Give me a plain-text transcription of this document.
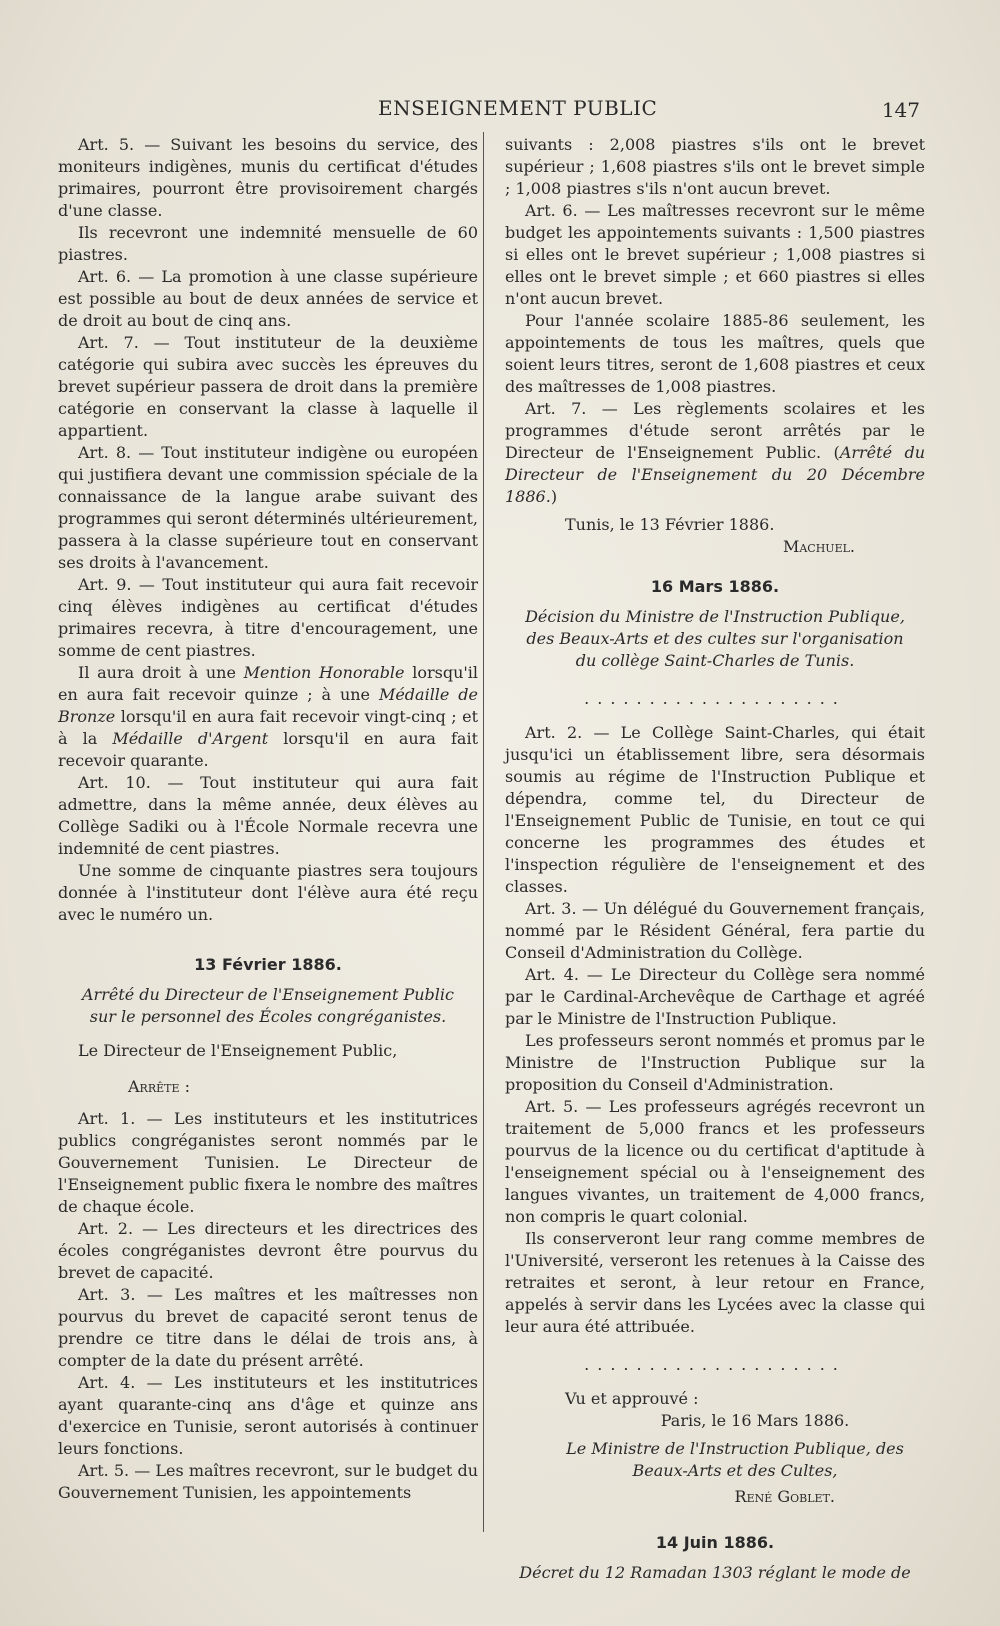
ENSEIGNEMENT PUBLIC	147

Art. 5. — Suivant les besoins du service, des moniteurs indigènes, munis du certificat d'études primaires, pourront être provisoirement chargés d'une classe.

Ils recevront une indemnité mensuelle de 60 piastres.

Art. 6. — La promotion à une classe supérieure est possible au bout de deux années de service et de droit au bout de cinq ans.

Art. 7. — Tout instituteur de la deuxième catégorie qui subira avec succès les épreuves du brevet supérieur passera de droit dans la première catégorie en conservant la classe à laquelle il appartient.

Art. 8. — Tout instituteur indigène ou européen qui justifiera devant une commission spéciale de la connaissance de la langue arabe suivant des programmes qui seront déterminés ultérieurement, passera à la classe supérieure tout en conservant ses droits à l'avancement.

Art. 9. — Tout instituteur qui aura fait recevoir cinq élèves indigènes au certificat d'études primaires recevra, à titre d'encouragement, une somme de cent piastres.

Il aura droit à une Mention Honorable lorsqu'il en aura fait recevoir quinze ; à une Médaille de Bronze lorsqu'il en aura fait recevoir vingt-cinq ; et à la Médaille d'Argent lorsqu'il en aura fait recevoir quarante.

Art. 10. — Tout instituteur qui aura fait admettre, dans la même année, deux élèves au Collège Sadiki ou à l'École Normale recevra une indemnité de cent piastres.

Une somme de cinquante piastres sera toujours donnée à l'instituteur dont l'élève aura été reçu avec le numéro un.

13 Février 1886.
Arrêté du Directeur de l'Enseignement Public sur le personnel des Écoles congréganistes.

Le Directeur de l'Enseignement Public,

Arrête :

Art. 1. — Les instituteurs et les institutrices publics congréganistes seront nommés par le Gouvernement Tunisien. Le Directeur de l'Enseignement public fixera le nombre des maîtres de chaque école.

Art. 2. — Les directeurs et les directrices des écoles congréganistes devront être pourvus du brevet de capacité.

Art. 3. — Les maîtres et les maîtresses non pourvus du brevet de capacité seront tenus de prendre ce titre dans le délai de trois ans, à compter de la date du présent arrêté.

Art. 4. — Les instituteurs et les institutrices ayant quarante-cinq ans d'âge et quinze ans d'exercice en Tunisie, seront autorisés à continuer leurs fonctions.

Art. 5. — Les maîtres recevront, sur le budget du Gouvernement Tunisien, les appointements

suivants : 2,008 piastres s'ils ont le brevet supérieur ; 1,608 piastres s'ils ont le brevet simple ; 1,008 piastres s'ils n'ont aucun brevet.

Art. 6. — Les maîtresses recevront sur le même budget les appointements suivants : 1,500 piastres si elles ont le brevet supérieur ; 1,008 piastres si elles ont le brevet simple ; et 660 piastres si elles n'ont aucun brevet.

Pour l'année scolaire 1885-86 seulement, les appointements de tous les maîtres, quels que soient leurs titres, seront de 1,608 piastres et ceux des maîtresses de 1,008 piastres.

Art. 7. — Les règlements scolaires et les programmes d'étude seront arrêtés par le Directeur de l'Enseignement Public. (Arrêté du Directeur de l'Enseignement du 20 Décembre 1886.)

Tunis, le 13 Février 1886.

Machuel.
16 Mars 1886.
Décision du Ministre de l'Instruction Publique, des Beaux-Arts et des cultes sur l'organisation du collège Saint-Charles de Tunis.
....................

Art. 2. — Le Collège Saint-Charles, qui était jusqu'ici un établissement libre, sera désormais soumis au régime de l'Instruction Publique et dépendra, comme tel, du Directeur de l'Enseignement Public de Tunisie, en tout ce qui concerne les programmes des études et l'inspection régulière de l'enseignement et des classes.

Art. 3. — Un délégué du Gouvernement français, nommé par le Résident Général, fera partie du Conseil d'Administration du Collège.

Art. 4. — Le Directeur du Collège sera nommé par le Cardinal-Archevêque de Carthage et agréé par le Ministre de l'Instruction Publique.

Les professeurs seront nommés et promus par le Ministre de l'Instruction Publique sur la proposition du Conseil d'Administration.

Art. 5. — Les professeurs agrégés recevront un traitement de 5,000 francs et les professeurs pourvus de la licence ou du certificat d'aptitude à l'enseignement spécial ou à l'enseignement des langues vivantes, un traitement de 4,000 francs, non compris le quart colonial.

Ils conserveront leur rang comme membres de l'Université, verseront les retenues à la Caisse des retraites et seront, à leur retour en France, appelés à servir dans les Lycées avec la classe qui leur aura été attribuée.

....................

Vu et approuvé :

Paris, le 16 Mars 1886.
Le Ministre de l'Instruction Publique, des Beaux-Arts et des Cultes,
René Goblet.
14 Juin 1886.
Décret du 12 Ramadan 1303 réglant le mode de
